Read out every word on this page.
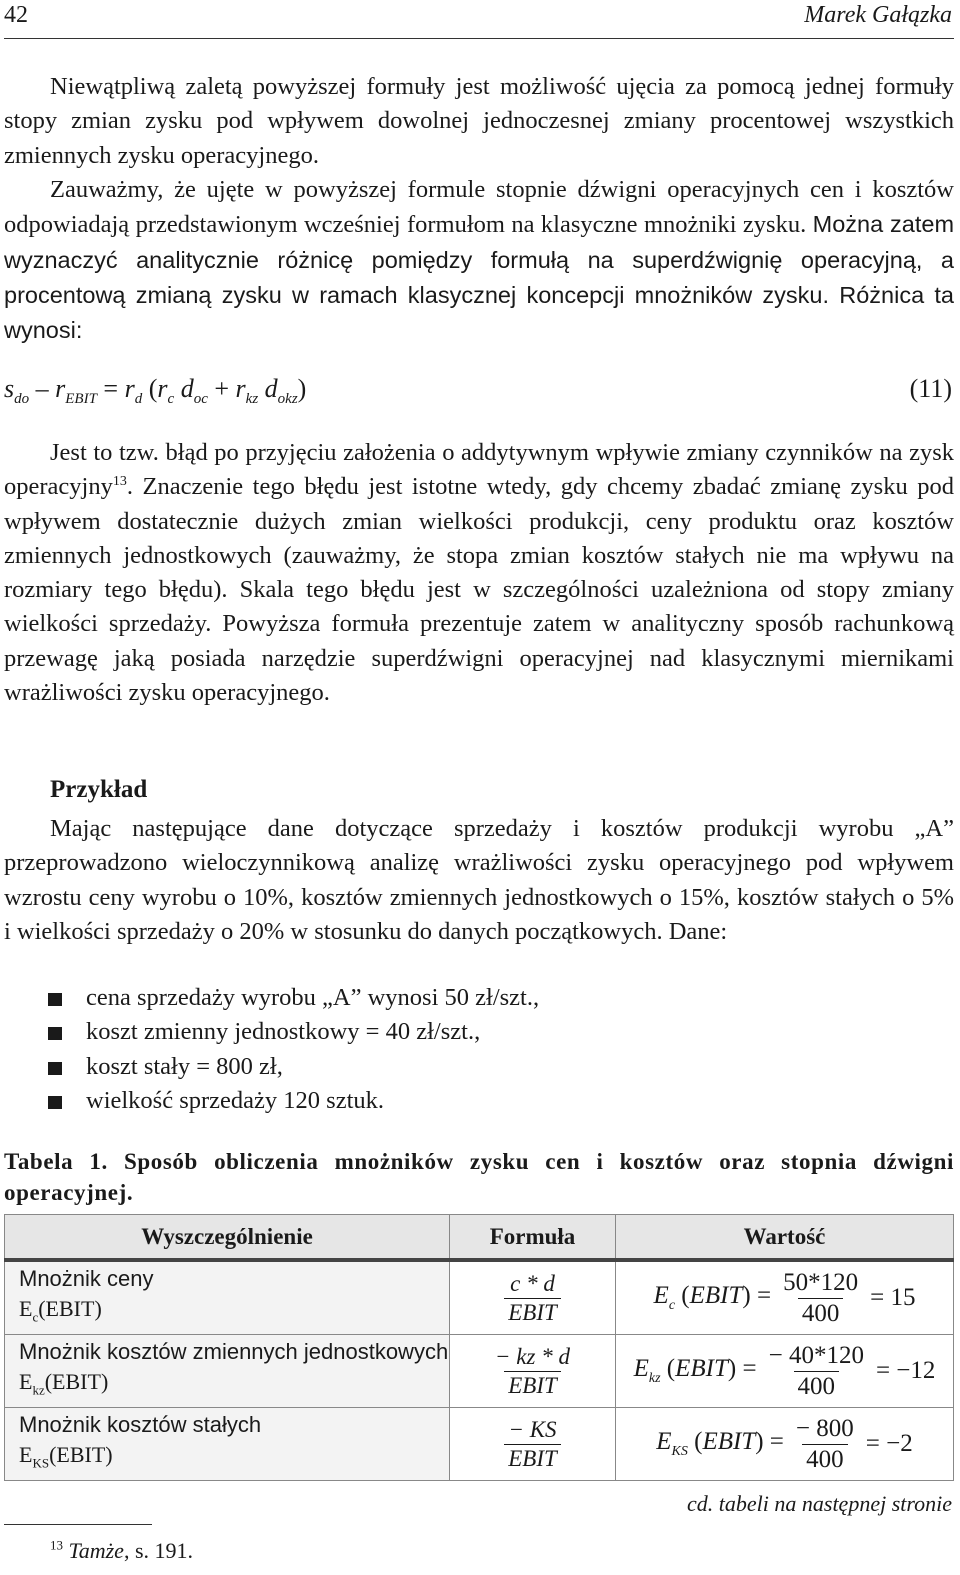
42	Marek Gałązka

Niewątpliwą zaletą powyższej formuły jest możliwość ujęcia za pomocą jednej formuły stopy zmian zysku pod wpływem dowolnej jednoczesnej zmiany procentowej wszystkich zmiennych zysku operacyjnego.

Zauważmy, że ujęte w powyższej formule stopnie dźwigni operacyjnych cen i kosztów odpowiadają przedstawionym wcześniej formułom na klasyczne mnożniki zysku. Można zatem wyznaczyć analitycznie różnicę pomiędzy formułą na superdźwignię operacyjną, a procentową zmianą zysku w ramach klasycznej koncepcji mnożników zysku. Różnica ta wynosi:

$s_{do} - r_{EBIT} = r_d$ ($r_c$ $d_{oc} + r_{kz}$ $d_{okz}$)	(11)

Jest to tzw. błąd po przyjęciu założenia o addytywnym wpływie zmiany czynników na zysk operacyjny$^{13}$. Znaczenie tego błędu jest istotne wtedy, gdy chcemy zbadać zmianę zysku pod wpływem dostatecznie dużych zmian wielkości produkcji, ceny produktu oraz kosztów zmiennych jednostkowych (zauważmy, że stopa zmian kosztów stałych nie ma wpływu na rozmiary tego błędu). Skala tego błędu jest w szczególności uzależniona od stopy zmiany wielkości sprzedaży. Powyższa formuła prezentuje zatem w analityczny sposób rachunkową przewagę jaką posiada narzędzie superdźwigni operacyjnej nad klasycznymi miernikami wrażliwości zysku operacyjnego.

Przykład

Mając następujące dane dotyczące sprzedaży i kosztów produkcji wyrobu „A” przeprowadzono wieloczynnikową analizę wrażliwości zysku operacyjnego pod wpływem wzrostu ceny wyrobu o 10%, kosztów zmiennych jednostkowych o 15%, kosztów stałych o 5% i wielkości sprzedaży o 20% w stosunku do danych początkowych. Dane:

cena sprzedaży wyrobu „A” wynosi 50 zł/szt.,
koszt zmienny jednostkowy = 40 zł/szt.,
koszt stały = 800 zł,
wielkość sprzedaży 120 sztuk.
Tabela 1. Sposób obliczenia mnożników zysku cen i kosztów oraz stopnia dźwigni operacyjnej.
Wyszczególnienie	Formuła	Wartość
Mnożnik ceny
$E_c(EBIT)$	$\frac{c * d}{\text{EBIT}}$	$E_c$ (EBIT) = $\frac{50*120}{400} = 15$

Mnożnik kosztów zmiennych jednostkowych $E_{kz}(EBIT)$	$\frac{- kz * d}{\text{EBIT}}$	$E_{kz}$ (EBIT) = $\frac{- 40*120}{400} = -12$

Mnożnik kosztów stałych
$E_{KS}(EBIT)$	$\frac{- KS}{\text{EBIT}}$	$E_{KS}$ (EBIT) = $\frac{- 800}{400} = -2$
cd. tabeli na następnej stronie
$^{13}$ Tamże, s. 191.
